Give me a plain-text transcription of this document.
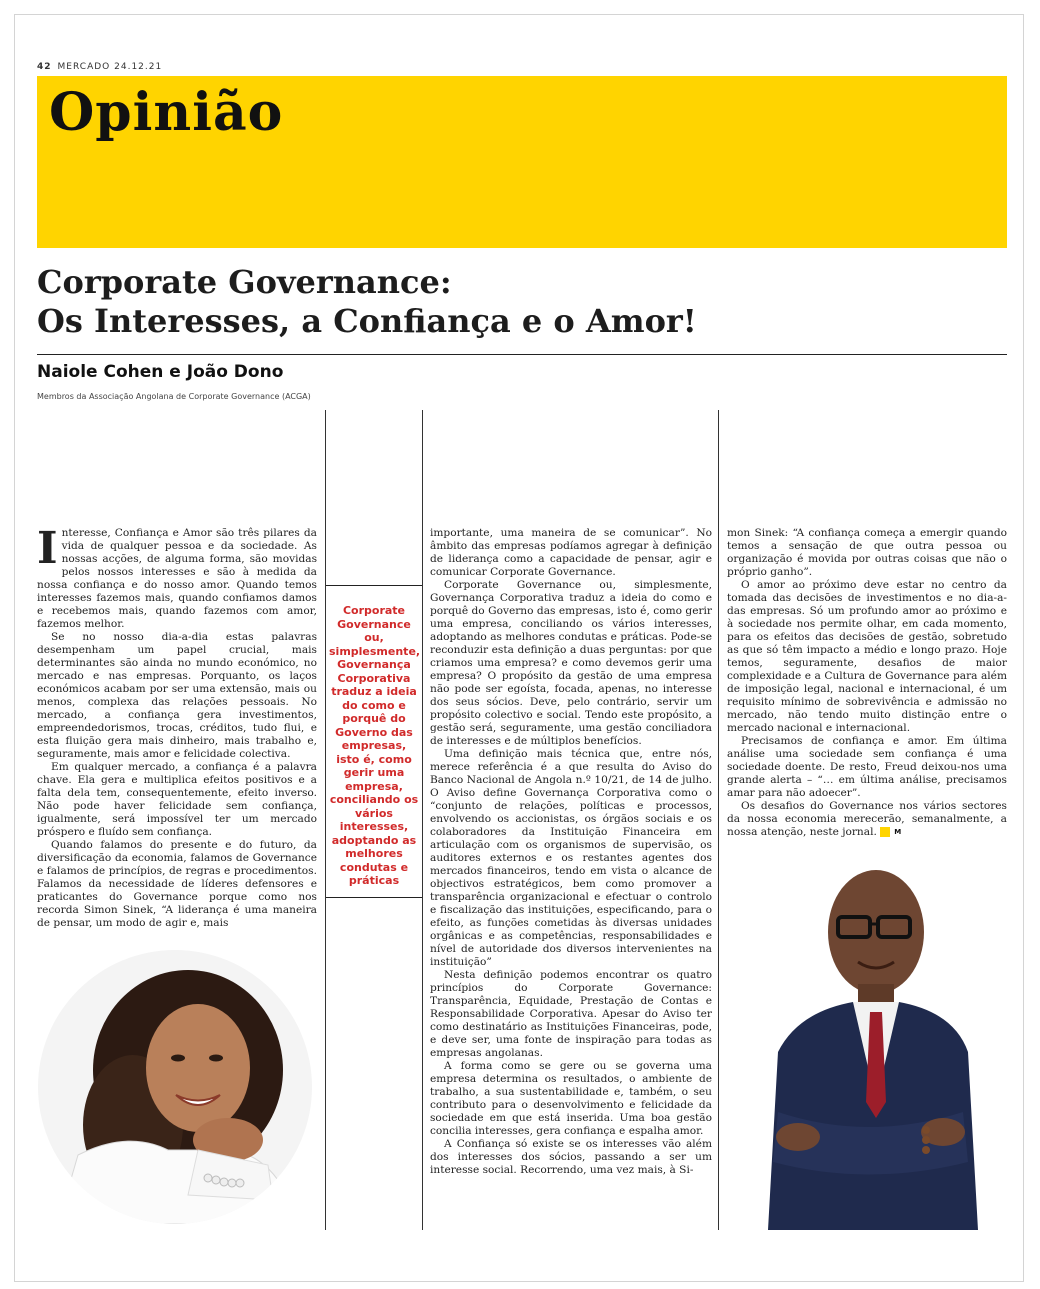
42 MERCADO 24.12.21
Opinião
Corporate Governance:
Os Interesses, a Confiança e o Amor!
Naiole Cohen e João Dono

Membros da Associação Angolana de Corporate Governance (ACGA)

Interesse, Confiança e Amor são três pilares da vida de qualquer pessoa e da sociedade. As nossas acções, de alguma forma, são movidas pelos nossos interesses e são à medida da nossa confiança e do nosso amor. Quando temos interesses fazemos mais, quando confiamos damos e recebemos mais, quando fazemos com amor, fazemos melhor.

Se no nosso dia-a-dia estas palavras desempenham um papel crucial, mais determinantes são ainda no mundo económico, no mercado e nas empresas. Porquanto, os laços económicos acabam por ser uma extensão, mais ou menos, complexa das relações pessoais. No mercado, a confiança gera investimentos, empreendedorismos, trocas, créditos, tudo flui, e esta fluição gera mais dinheiro, mais trabalho e, seguramente, mais amor e felicidade colectiva.

Em qualquer mercado, a confiança é a palavra chave. Ela gera e multiplica efeitos positivos e a falta dela tem, consequentemente, efeito inverso. Não pode haver felicidade sem confiança, igualmente, será impossível ter um mercado próspero e fluído sem confiança.

Quando falamos do presente e do futuro, da diversificação da economia, falamos de Governance e falamos de princípios, de regras e procedimentos. Falamos da necessidade de líderes defensores e praticantes do Governance porque como nos recorda Simon Sinek, “A liderança é uma maneira de pensar, um modo de agir e, mais

Corporate Governance ou, simplesmente, Governança Corporativa traduz a ideia do como e porquê do Governo das empresas, isto é, como gerir uma empresa, conciliando os vários interesses, adoptando as melhores condutas e práticas

importante, uma maneira de se comunicar”. No âmbito das empresas podíamos agregar à definição de liderança como a capacidade de pensar, agir e comunicar Corporate Governance.

Corporate Governance ou, simplesmente, Governança Corporativa traduz a ideia do como e porquê do Governo das empresas, isto é, como gerir uma empresa, conciliando os vários interesses, adoptando as melhores condutas e práticas. Pode-se reconduzir esta definição a duas perguntas: por que criamos uma empresa? e como devemos gerir uma empresa? O propósito da gestão de uma empresa não pode ser egoísta, focada, apenas, no interesse dos seus sócios. Deve, pelo contrário, servir um propósito colectivo e social. Tendo este propósito, a gestão será, seguramente, uma gestão conciliadora de interesses e de múltiplos benefícios.

Uma definição mais técnica que, entre nós, merece referência é a que resulta do Aviso do Banco Nacional de Angola n.º 10/21, de 14 de julho. O Aviso define Governança Corporativa como o “conjunto de relações, políticas e processos, envolvendo os accionistas, os órgãos sociais e os colaboradores da Instituição Financeira em articulação com os organismos de supervisão, os auditores externos e os restantes agentes dos mercados financeiros, tendo em vista o alcance de objectivos estratégicos, bem como promover a transparência organizacional e efectuar o controlo e fiscalização das instituições, especificando, para o efeito, as funções cometidas às diversas unidades orgânicas e as competências, responsabilidades e nível de autoridade dos diversos intervenientes na instituição”

Nesta definição podemos encontrar os quatro princípios do Corporate Governance: Transparência, Equidade, Prestação de Contas e Responsabilidade Corporativa. Apesar do Aviso ter como destinatário as Instituições Financeiras, pode, e deve ser, uma fonte de inspiração para todas as empresas angolanas.

A forma como se gere ou se governa uma empresa determina os resultados, o ambiente de trabalho, a sua sustentabilidade e, também, o seu contributo para o desenvolvimento e felicidade da sociedade em que está inserida. Uma boa gestão concilia interesses, gera confiança e espalha amor.

A Confiança só existe se os interesses vão além dos interesses dos sócios, passando a ser um interesse social. Recorrendo, uma vez mais, à Si-

mon Sinek: “A confiança começa a emergir quando temos a sensação de que outra pessoa ou organização é movida por outras coisas que não o próprio ganho”.

O amor ao próximo deve estar no centro da tomada das decisões de investimentos e no dia-a-das empresas. Só um profundo amor ao próximo e à sociedade nos permite olhar, em cada momento, para os efeitos das decisões de gestão, sobretudo as que só têm impacto a médio e longo prazo. Hoje temos, seguramente, desafios de maior complexidade e a Cultura de Governance para além de imposição legal, nacional e internacional, é um requisito mínimo de sobrevivência e admissão no mercado, não tendo muito distinção entre o mercado nacional e internacional.

Precisamos de confiança e amor. Em última análise uma sociedade sem confiança é uma sociedade doente. De resto, Freud deixou-nos uma grande alerta – “… em última análise, precisamos amar para não adoecer”.

Os desafios do Governance nos vários sectores da nossa economia merecerão, semanalmente, a nossa atenção, neste jornal. M
